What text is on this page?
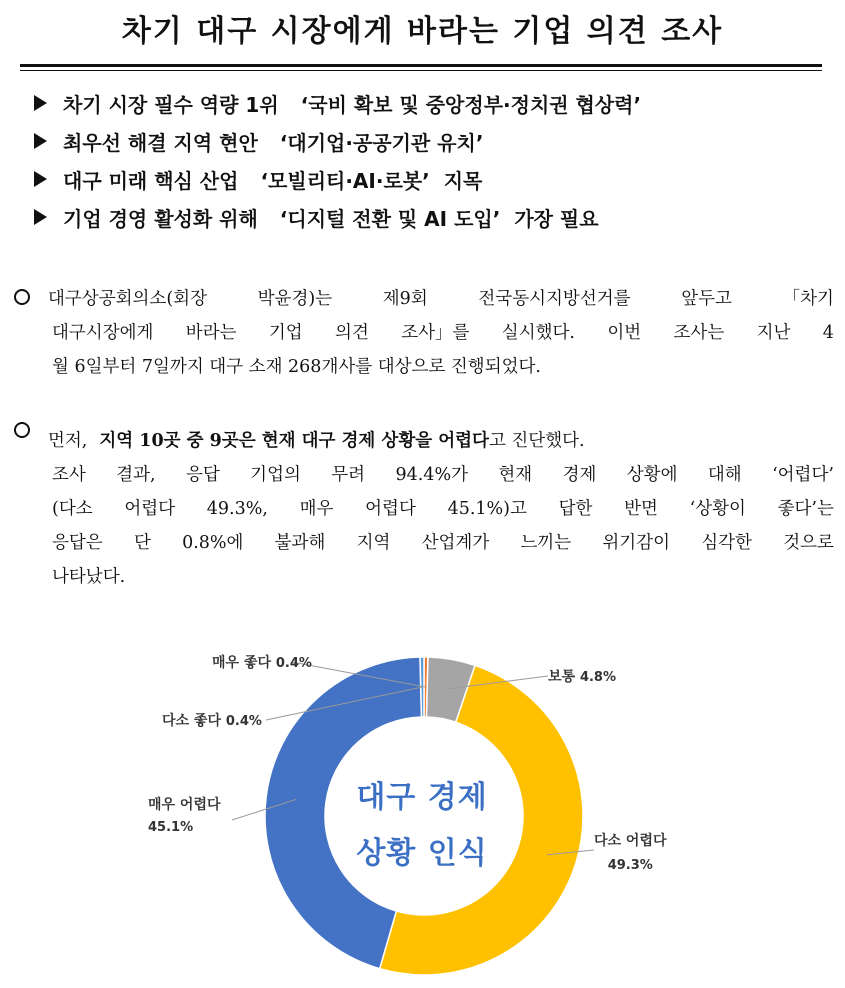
차기 대구 시장에게 바라는 기업 의견 조사
차기 시장 필수 역량 1위 ‘국비 확보 및 중앙정부·정치권 협상력’
최우선 해결 지역 현안 ‘대기업·공공기관 유치’
대구 미래 핵심 산업 ‘모빌리티·AI·로봇’ 지목
기업 경영 활성화 위해 ‘디지털 전환 및 AI 도입’ 가장 필요
대구상공회의소(회장	박윤경)는	제9회	전국동시지방선거를	앞두고	「차기
대구시장에게 바라는 기업 의견 조사」를 실시했다. 이번 조사는 지난 4
월 6일부터 7일까지 대구 소재 268개사를 대상으로 진행되었다.
먼저, 지역 10곳 중 9곳은 현재 대구 경제 상황을 어렵다 고 진단했다.
조사 결과, 응답 기업의 무려 94.4%가 현재 경제 상황에 대해 ‘어렵다’
(다소 어렵다 49.3%, 매우 어렵다 45.1%)고 답한 반면 ‘상황이 좋다’는
응답은 단 0.8%에 불과해 지역 산업계가 느끼는 위기감이 심각한 것으로
나타났다.
매우 좋다 0.4%
다소 좋다 0.4%
보통 4.8%
매우 어렵다
45.1%
다소 어렵다
49.3%
대구 경제
상황 인식
